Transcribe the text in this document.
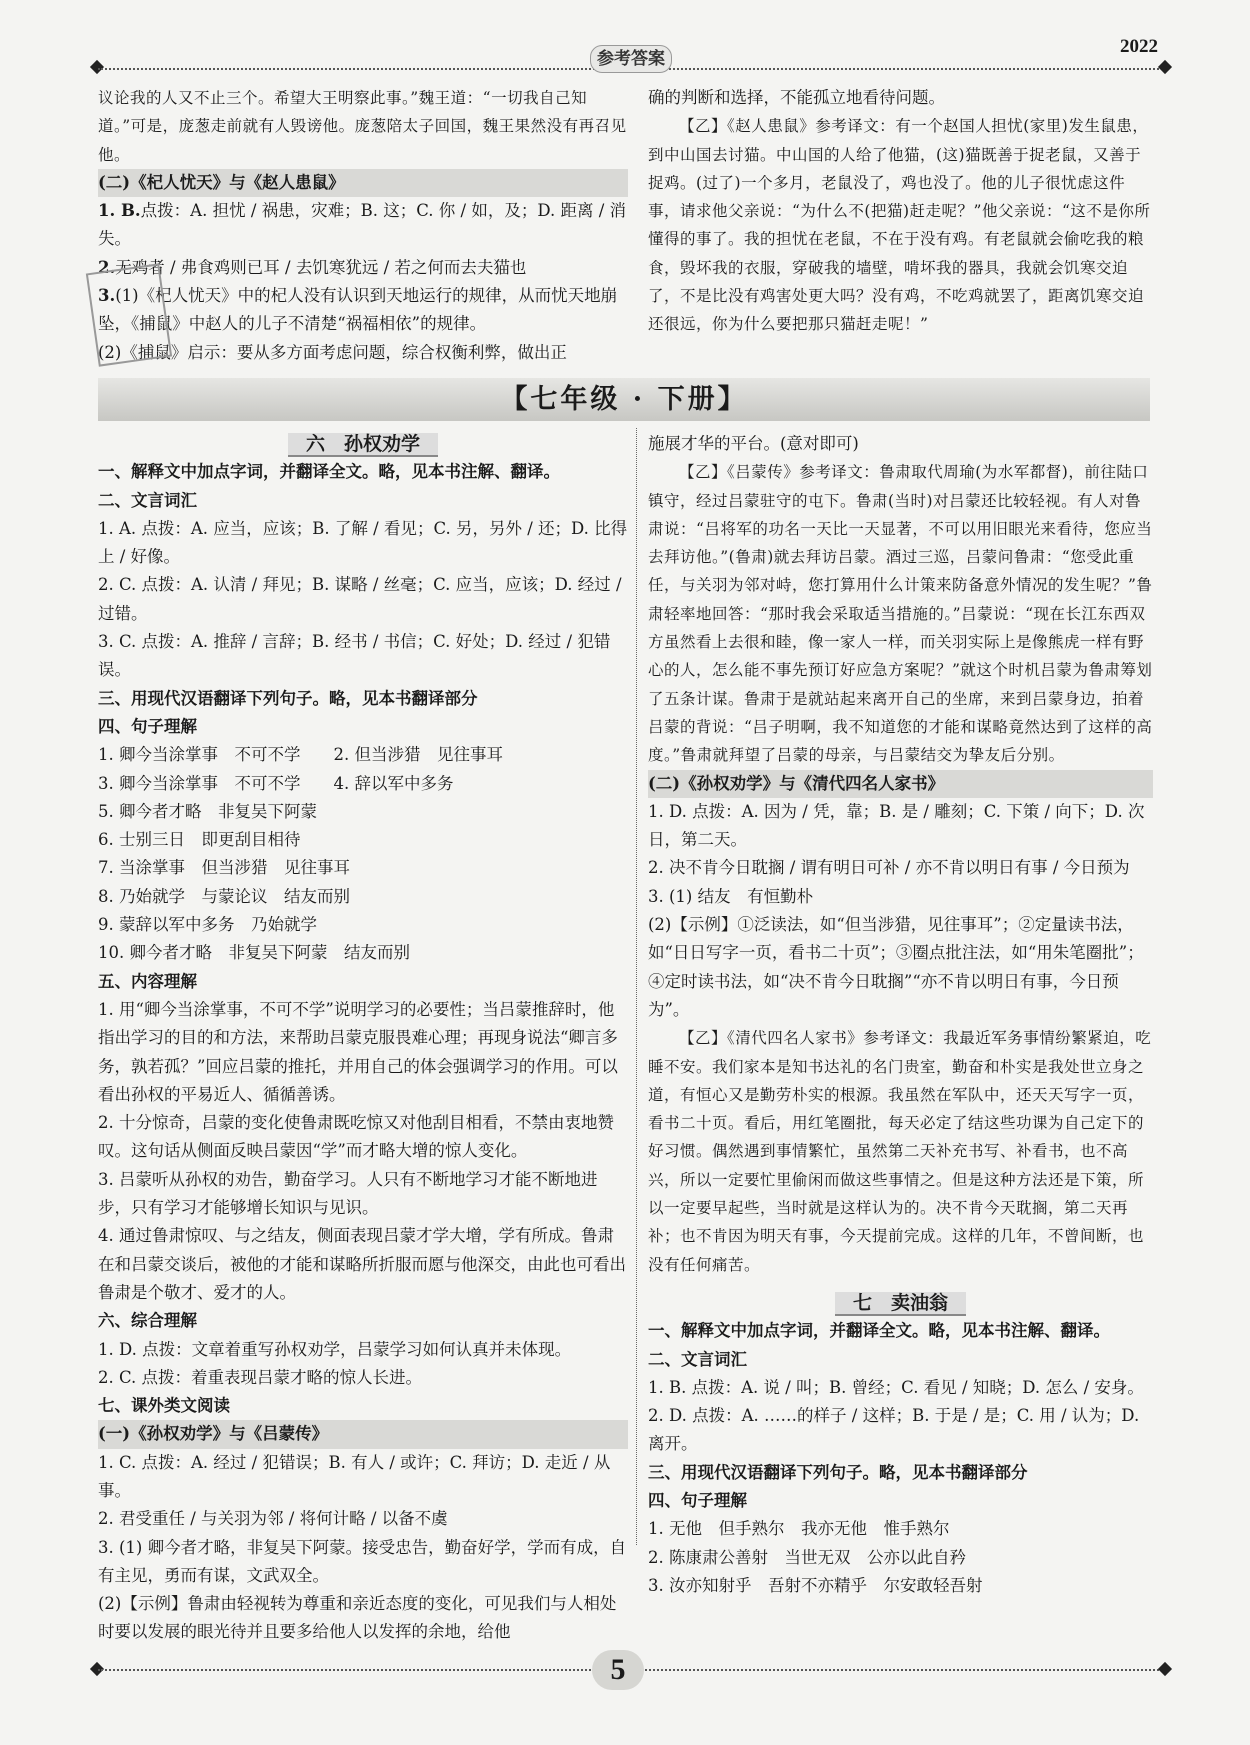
参考答案
2022

议论我的人又不止三个。希望大王明察此事。”魏王道：“一切我自己知道。”可是，庞葱走前就有人毁谤他。庞葱陪太子回国，魏王果然没有再召见他。

(二)《杞人忧天》与《赵人患鼠》

1. B.点拨：A. 担忧 / 祸患，灾难；B. 这；C. 你 / 如，及；D. 距离 / 消失。

2.无鸡者 / 弗食鸡则已耳 / 去饥寒犹远 / 若之何而去夫猫也

3.(1)《杞人忧天》中的杞人没有认识到天地运行的规律，从而忧天地崩坠，《捕鼠》中赵人的儿子不清楚“祸福相依”的规律。

(2)《捕鼠》启示：要从多方面考虑问题，综合权衡利弊，做出正

确的判断和选择，不能孤立地看待问题。

【乙】《赵人患鼠》参考译文：有一个赵国人担忧(家里)发生鼠患，到中山国去讨猫。中山国的人给了他猫，(这)猫既善于捉老鼠，又善于捉鸡。(过了)一个多月，老鼠没了，鸡也没了。他的儿子很忧虑这件事，请求他父亲说：“为什么不(把猫)赶走呢？”他父亲说：“这不是你所懂得的事了。我的担忧在老鼠，不在于没有鸡。有老鼠就会偷吃我的粮食，毁坏我的衣服，穿破我的墙壁，啃坏我的器具，我就会饥寒交迫了，不是比没有鸡害处更大吗？没有鸡，不吃鸡就罢了，距离饥寒交迫还很远，你为什么要把那只猫赶走呢！”

【七年级 · 下册】

六　孙权劝学

一、解释文中加点字词，并翻译全文。略，见本书注解、翻译。

二、文言词汇

1. A. 点拨：A. 应当，应该；B. 了解 / 看见；C. 另，另外 / 还；D. 比得上 / 好像。

2. C. 点拨：A. 认清 / 拜见；B. 谋略 / 丝毫；C. 应当，应该；D. 经过 / 过错。

3. C. 点拨：A. 推辞 / 言辞；B. 经书 / 书信；C. 好处；D. 经过 / 犯错误。

三、用现代汉语翻译下列句子。略，见本书翻译部分

四、句子理解

1. 卿今当涂掌事　不可不学　　2. 但当涉猎　见往事耳

3. 卿今当涂掌事　不可不学　　4. 辞以军中多务

5. 卿今者才略　非复吴下阿蒙

6. 士别三日　即更刮目相待

7. 当涂掌事　但当涉猎　见往事耳

8. 乃始就学　与蒙论议　结友而别

9. 蒙辞以军中多务　乃始就学

10. 卿今者才略　非复吴下阿蒙　结友而别

五、内容理解

1. 用“卿今当涂掌事，不可不学”说明学习的必要性；当吕蒙推辞时，他指出学习的目的和方法，来帮助吕蒙克服畏难心理；再现身说法“卿言多务，孰若孤？”回应吕蒙的推托，并用自己的体会强调学习的作用。可以看出孙权的平易近人、循循善诱。

2. 十分惊奇，吕蒙的变化使鲁肃既吃惊又对他刮目相看，不禁由衷地赞叹。这句话从侧面反映吕蒙因“学”而才略大增的惊人变化。

3. 吕蒙听从孙权的劝告，勤奋学习。人只有不断地学习才能不断地进步，只有学习才能够增长知识与见识。

4. 通过鲁肃惊叹、与之结友，侧面表现吕蒙才学大增，学有所成。鲁肃在和吕蒙交谈后，被他的才能和谋略所折服而愿与他深交，由此也可看出鲁肃是个敬才、爱才的人。

六、综合理解

1. D. 点拨：文章着重写孙权劝学，吕蒙学习如何认真并未体现。

2. C. 点拨：着重表现吕蒙才略的惊人长进。

七、课外类文阅读

(一)《孙权劝学》与《吕蒙传》

1. C. 点拨：A. 经过 / 犯错误；B. 有人 / 或许；C. 拜访；D. 走近 / 从事。

2. 君受重任 / 与关羽为邻 / 将何计略 / 以备不虞

3. (1) 卿今者才略，非复吴下阿蒙。接受忠告，勤奋好学，学而有成，自有主见，勇而有谋，文武双全。

(2)【示例】鲁肃由轻视转为尊重和亲近态度的变化，可见我们与人相处时要以发展的眼光待并且要多给他人以发挥的余地，给他

施展才华的平台。(意对即可)

【乙】《吕蒙传》参考译文：鲁肃取代周瑜(为水军都督)，前往陆口镇守，经过吕蒙驻守的屯下。鲁肃(当时)对吕蒙还比较轻视。有人对鲁肃说：“吕将军的功名一天比一天显著，不可以用旧眼光来看待，您应当去拜访他。”(鲁肃)就去拜访吕蒙。酒过三巡，吕蒙问鲁肃：“您受此重任，与关羽为邻对峙，您打算用什么计策来防备意外情况的发生呢？”鲁肃轻率地回答：“那时我会采取适当措施的。”吕蒙说：“现在长江东西双方虽然看上去很和睦，像一家人一样，而关羽实际上是像熊虎一样有野心的人，怎么能不事先预订好应急方案呢？”就这个时机吕蒙为鲁肃筹划了五条计谋。鲁肃于是就站起来离开自己的坐席，来到吕蒙身边，拍着吕蒙的背说：“吕子明啊，我不知道您的才能和谋略竟然达到了这样的高度。”鲁肃就拜望了吕蒙的母亲，与吕蒙结交为挚友后分别。

(二)《孙权劝学》与《清代四名人家书》

1. D. 点拨：A. 因为 / 凭，靠；B. 是 / 雕刻；C. 下策 / 向下；D. 次日，第二天。

2. 决不肯今日耽搁 / 谓有明日可补 / 亦不肯以明日有事 / 今日预为

3. (1) 结友　有恒勤朴

(2)【示例】①泛读法，如“但当涉猎，见往事耳”；②定量读书法，如“日日写字一页，看书二十页”；③圈点批注法，如“用朱笔圈批”；④定时读书法，如“决不肯今日耽搁”“亦不肯以明日有事，今日预为”。

【乙】《清代四名人家书》参考译文：我最近军务事情纷繁紧迫，吃睡不安。我们家本是知书达礼的名门贵室，勤奋和朴实是我处世立身之道，有恒心又是勤劳朴实的根源。我虽然在军队中，还天天写字一页，看书二十页。看后，用红笔圈批，每天必定了结这些功课为自己定下的好习惯。偶然遇到事情繁忙，虽然第二天补充书写、补看书，也不高兴，所以一定要忙里偷闲而做这些事情之。但是这种方法还是下策，所以一定要早起些，当时就是这样认为的。决不肯今天耽搁，第二天再补；也不肯因为明天有事，今天提前完成。这样的几年，不曾间断，也没有任何痛苦。

七　卖油翁

一、解释文中加点字词，并翻译全文。略，见本书注解、翻译。

二、文言词汇

1. B. 点拨：A. 说 / 叫；B. 曾经；C. 看见 / 知晓；D. 怎么 / 安身。

2. D. 点拨：A. ……的样子 / 这样；B. 于是 / 是；C. 用 / 认为；D. 离开。

三、用现代汉语翻译下列句子。略，见本书翻译部分

四、句子理解

1. 无他　但手熟尔　我亦无他　惟手熟尔

2. 陈康肃公善射　当世无双　公亦以此自矜

3. 汝亦知射乎　吾射不亦精乎　尔安敢轻吾射

5
